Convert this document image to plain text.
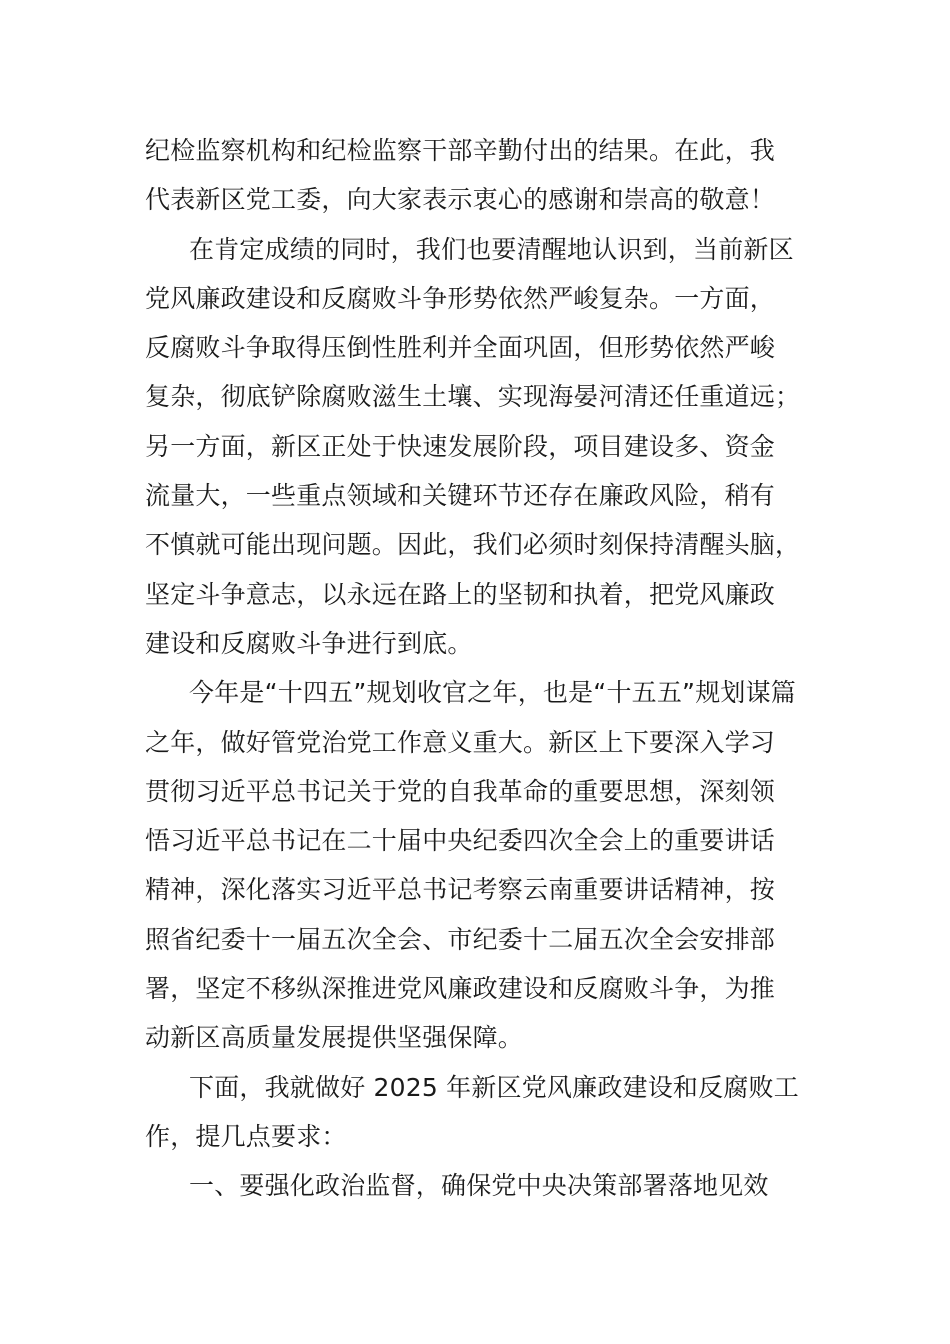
纪检监察机构和纪检监察干部辛勤付出的结果。在此，我
代表新区党工委，向大家表示衷心的感谢和崇高的敬意！
在肯定成绩的同时，我们也要清醒地认识到，当前新区
党风廉政建设和反腐败斗争形势依然严峻复杂。一方面，
反腐败斗争取得压倒性胜利并全面巩固，但形势依然严峻
复杂，彻底铲除腐败滋生土壤、实现海晏河清还任重道远；
另一方面，新区正处于快速发展阶段，项目建设多、资金
流量大，一些重点领域和关键环节还存在廉政风险，稍有
不慎就可能出现问题。因此，我们必须时刻保持清醒头脑，
坚定斗争意志，以永远在路上的坚韧和执着，把党风廉政
建设和反腐败斗争进行到底。
今年是“十四五”规划收官之年，也是“十五五”规划谋篇
之年，做好管党治党工作意义重大。新区上下要深入学习
贯彻习近平总书记关于党的自我革命的重要思想，深刻领
悟习近平总书记在二十届中央纪委四次全会上的重要讲话
精神，深化落实习近平总书记考察云南重要讲话精神，按
照省纪委十一届五次全会、市纪委十二届五次全会安排部
署，坚定不移纵深推进党风廉政建设和反腐败斗争，为推
动新区高质量发展提供坚强保障。
下面，我就做好 2025 年新区党风廉政建设和反腐败工
作，提几点要求：
一、要强化政治监督，确保党中央决策部署落地见效
